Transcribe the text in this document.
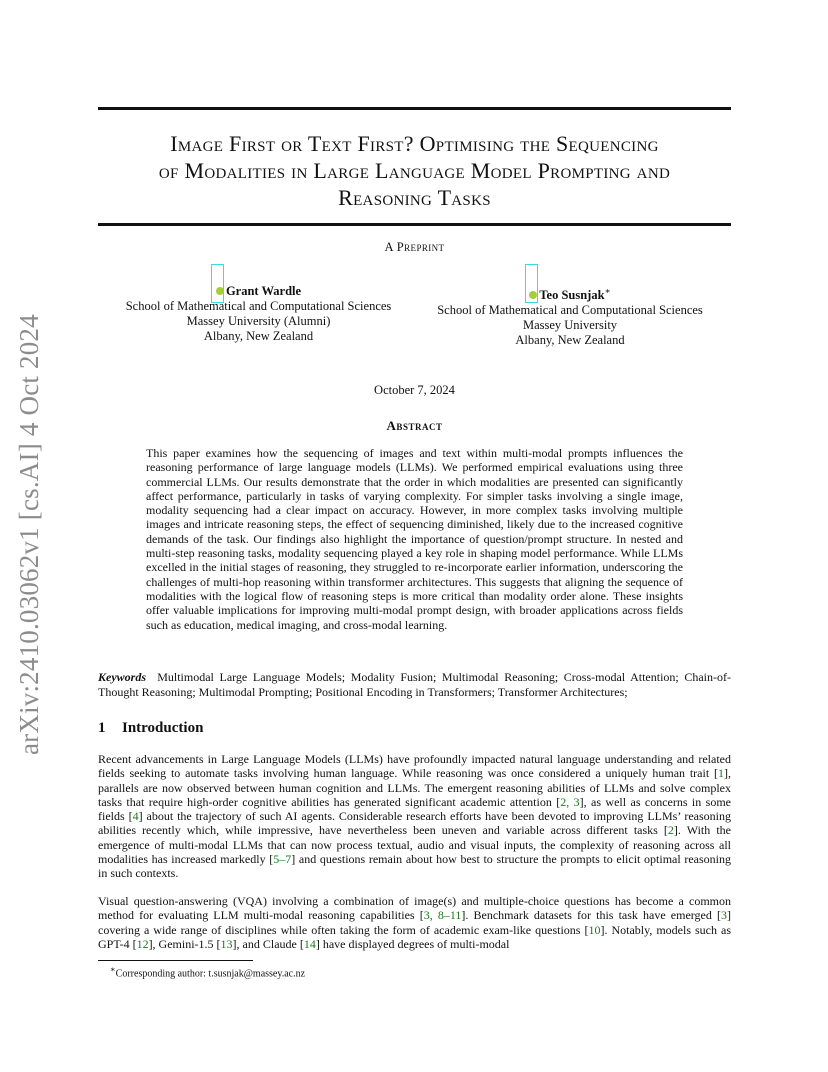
arXiv:2410.03062v1 [cs.AI] 4 Oct 2024
Image First or Text First? Optimising the Sequencing
of Modalities in Large Language Model Prompting and
Reasoning Tasks
A Preprint
Grant Wardle
School of Mathematical and Computational Sciences
Massey University (Alumni)
Albany, New Zealand
Teo Susnjak∗
School of Mathematical and Computational Sciences
Massey University
Albany, New Zealand
October 7, 2024
Abstract
This paper examines how the sequencing of images and text within multi-modal prompts influences the reasoning performance of large language models (LLMs). We performed empirical evaluations using three commercial LLMs. Our results demonstrate that the order in which modalities are presented can significantly affect performance, particularly in tasks of varying complexity. For simpler tasks involving a single image, modality sequencing had a clear impact on accuracy. However, in more complex tasks involving multiple images and intricate reasoning steps, the effect of sequencing diminished, likely due to the increased cognitive demands of the task. Our findings also highlight the importance of question/prompt structure. In nested and multi-step reasoning tasks, modality sequencing played a key role in shaping model performance. While LLMs excelled in the initial stages of reasoning, they struggled to re-incorporate earlier information, underscoring the challenges of multi-hop reasoning within transformer architectures. This suggests that aligning the sequence of modalities with the logical flow of reasoning steps is more critical than modality order alone. These insights offer valuable implications for improving multi-modal prompt design, with broader applications across fields such as education, medical imaging, and cross-modal learning.
Keywords Multimodal Large Language Models; Modality Fusion; Multimodal Reasoning; Cross-modal Attention; Chain-of-Thought Reasoning; Multimodal Prompting; Positional Encoding in Transformers; Transformer Architectures;
1 Introduction
Recent advancements in Large Language Models (LLMs) have profoundly impacted natural language understanding and related fields seeking to automate tasks involving human language. While reasoning was once considered a uniquely human trait [1], parallels are now observed between human cognition and LLMs. The emergent reasoning abilities of LLMs and solve complex tasks that require high-order cognitive abilities has generated significant academic attention [2, 3], as well as concerns in some fields [4] about the trajectory of such AI agents. Considerable research efforts have been devoted to improving LLMs’ reasoning abilities recently which, while impressive, have nevertheless been uneven and variable across different tasks [2]. With the emergence of multi-modal LLMs that can now process textual, audio and visual inputs, the complexity of reasoning across all modalities has increased markedly [5–7] and questions remain about how best to structure the prompts to elicit optimal reasoning in such contexts.
Visual question-answering (VQA) involving a combination of image(s) and multiple-choice questions has become a common method for evaluating LLM multi-modal reasoning capabilities [3, 8–11]. Benchmark datasets for this task have emerged [3] covering a wide range of disciplines while often taking the form of academic exam-like questions [10]. Notably, models such as GPT-4 [12], Gemini-1.5 [13], and Claude [14] have displayed degrees of multi-modal
∗Corresponding author: t.susnjak@massey.ac.nz
